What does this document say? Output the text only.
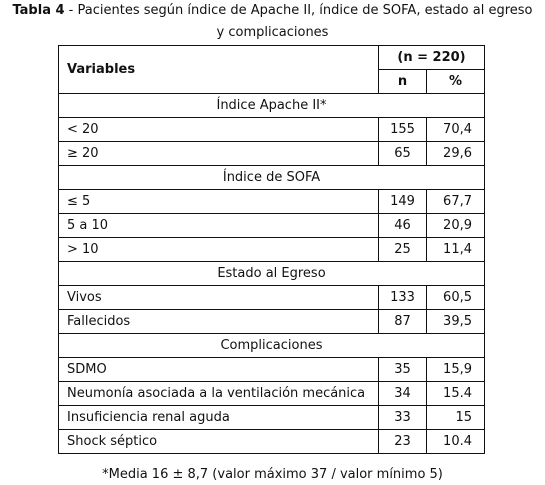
Tabla 4 - Pacientes según índice de Apache II, índice de SOFA, estado al egreso
y complicaciones
Variables	(n = 220)	
	n	%
Índice Apache II*		
< 20	155	70,4
≥ 20	65	29,6
Índice de SOFA		
≤ 5	149	67,7
5 a 10	46	20,9
> 10	25	11,4
Estado al Egreso		
Vivos	133	60,5
Fallecidos	87	39,5
Complicaciones		
SDMO	35	15,9
Neumonía asociada a la ventilación mecánica	34	15.4
Insuficiencia renal aguda	33	15
Shock séptico	23	10.4
*Media 16 ± 8,7 (valor máximo 37 / valor mínimo 5)
